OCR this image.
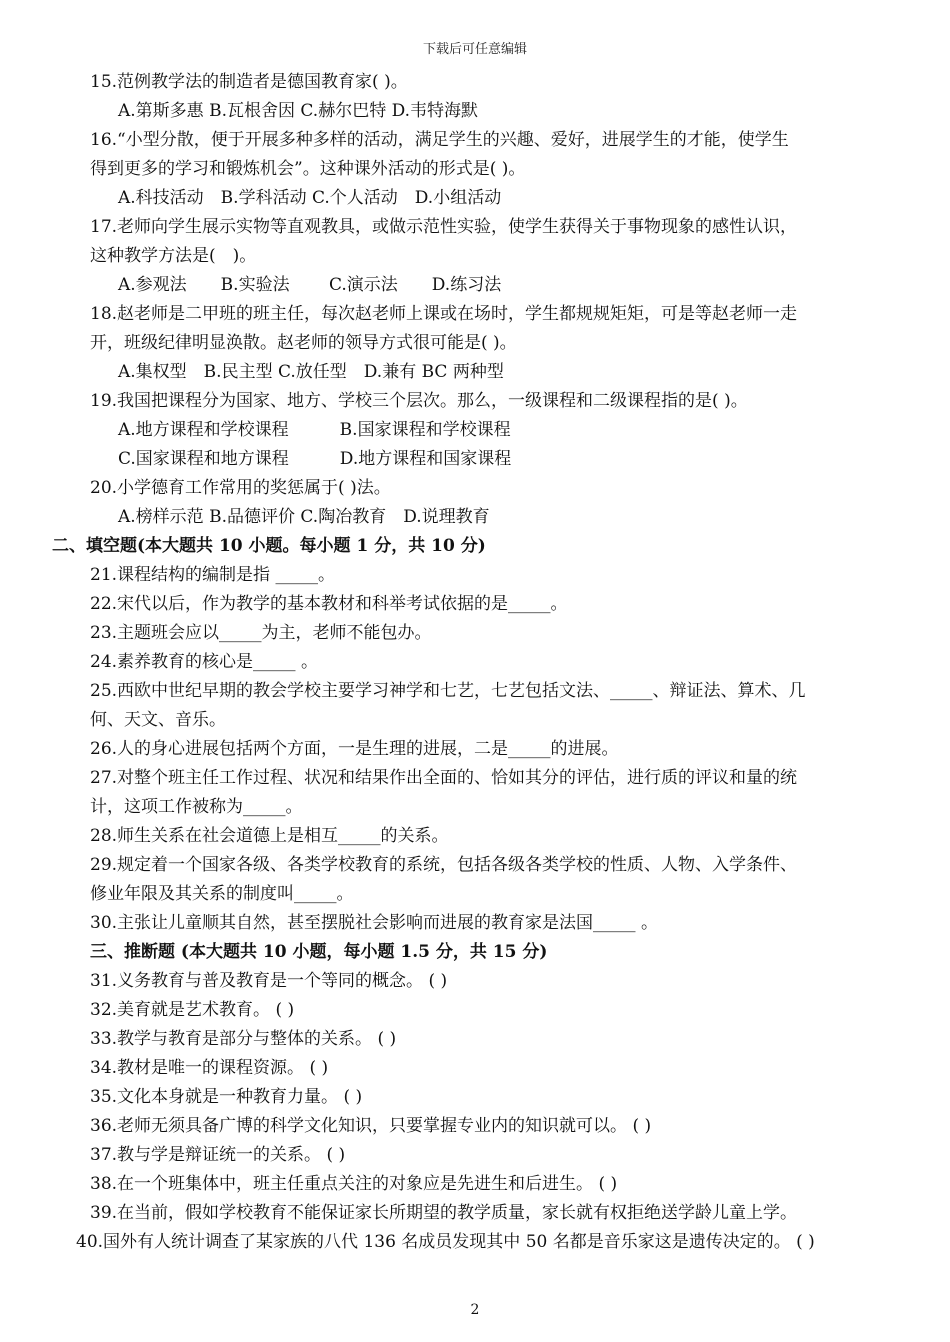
下载后可任意编辑
15.范例教学法的制造者是德国教育家( )。
A.第斯多惠 B.瓦根舍因 C.赫尔巴特 D.韦特海默
16.“小型分散，便于开展多种多样的活动，满足学生的兴趣、爱好，进展学生的才能，使学生
得到更多的学习和锻炼机会”。这种课外活动的形式是( )。
A.科技活动　B.学科活动 C.个人活动　D.小组活动
17.老师向学生展示实物等直观教具，或做示范性实验，使学生获得关于事物现象的感性认识，
这种教学方法是(　)。
A.参观法　　B.实验法　　 C.演示法　　D.练习法
18.赵老师是二甲班的班主任，每次赵老师上课或在场时，学生都规规矩矩，可是等赵老师一走
开，班级纪律明显涣散。赵老师的领导方式很可能是( )。
A.集权型　B.民主型 C.放任型　D.兼有 BC 两种型
19.我国把课程分为国家、地方、学校三个层次。那么，一级课程和二级课程指的是( )。
A.地方课程和学校课程　　　B.国家课程和学校课程
C.国家课程和地方课程　　　D.地方课程和国家课程
20.小学德育工作常用的奖惩属于( )法。
A.榜样示范 B.品德评价 C.陶冶教育　D.说理教育
二、填空题(本大题共 10 小题。每小题 1 分，共 10 分)
21.课程结构的编制是指 _____。
22.宋代以后，作为教学的基本教材和科举考试依据的是_____。
23.主题班会应以_____为主，老师不能包办。
24.素养教育的核心是_____ 。
25.西欧中世纪早期的教会学校主要学习神学和七艺，七艺包括文法、_____、辩证法、算术、几
何、天文、音乐。
26.人的身心进展包括两个方面，一是生理的进展，二是_____的进展。
27.对整个班主任工作过程、状况和结果作出全面的、恰如其分的评估，进行质的评议和量的统
计，这项工作被称为_____。
28.师生关系在社会道德上是相互_____的关系。
29.规定着一个国家各级、各类学校教育的系统，包括各级各类学校的性质、人物、入学条件、
修业年限及其关系的制度叫_____。
30.主张让儿童顺其自然，甚至摆脱社会影响而进展的教育家是法国_____ 。
三、推断题 (本大题共 10 小题，每小题 1.5 分，共 15 分)
31.义务教育与普及教育是一个等同的概念。 ( )
32.美育就是艺术教育。 ( )
33.教学与教育是部分与整体的关系。 ( )
34.教材是唯一的课程资源。 ( )
35.文化本身就是一种教育力量。 ( )
36.老师无须具备广博的科学文化知识，只要掌握专业内的知识就可以。 ( )
37.教与学是辩证统一的关系。 ( )
38.在一个班集体中，班主任重点关注的对象应是先进生和后进生。 ( )
39.在当前，假如学校教育不能保证家长所期望的教学质量，家长就有权拒绝送学龄儿童上学。
40.国外有人统计调查了某家族的八代 136 名成员发现其中 50 名都是音乐家这是遗传决定的。 ( )
2
